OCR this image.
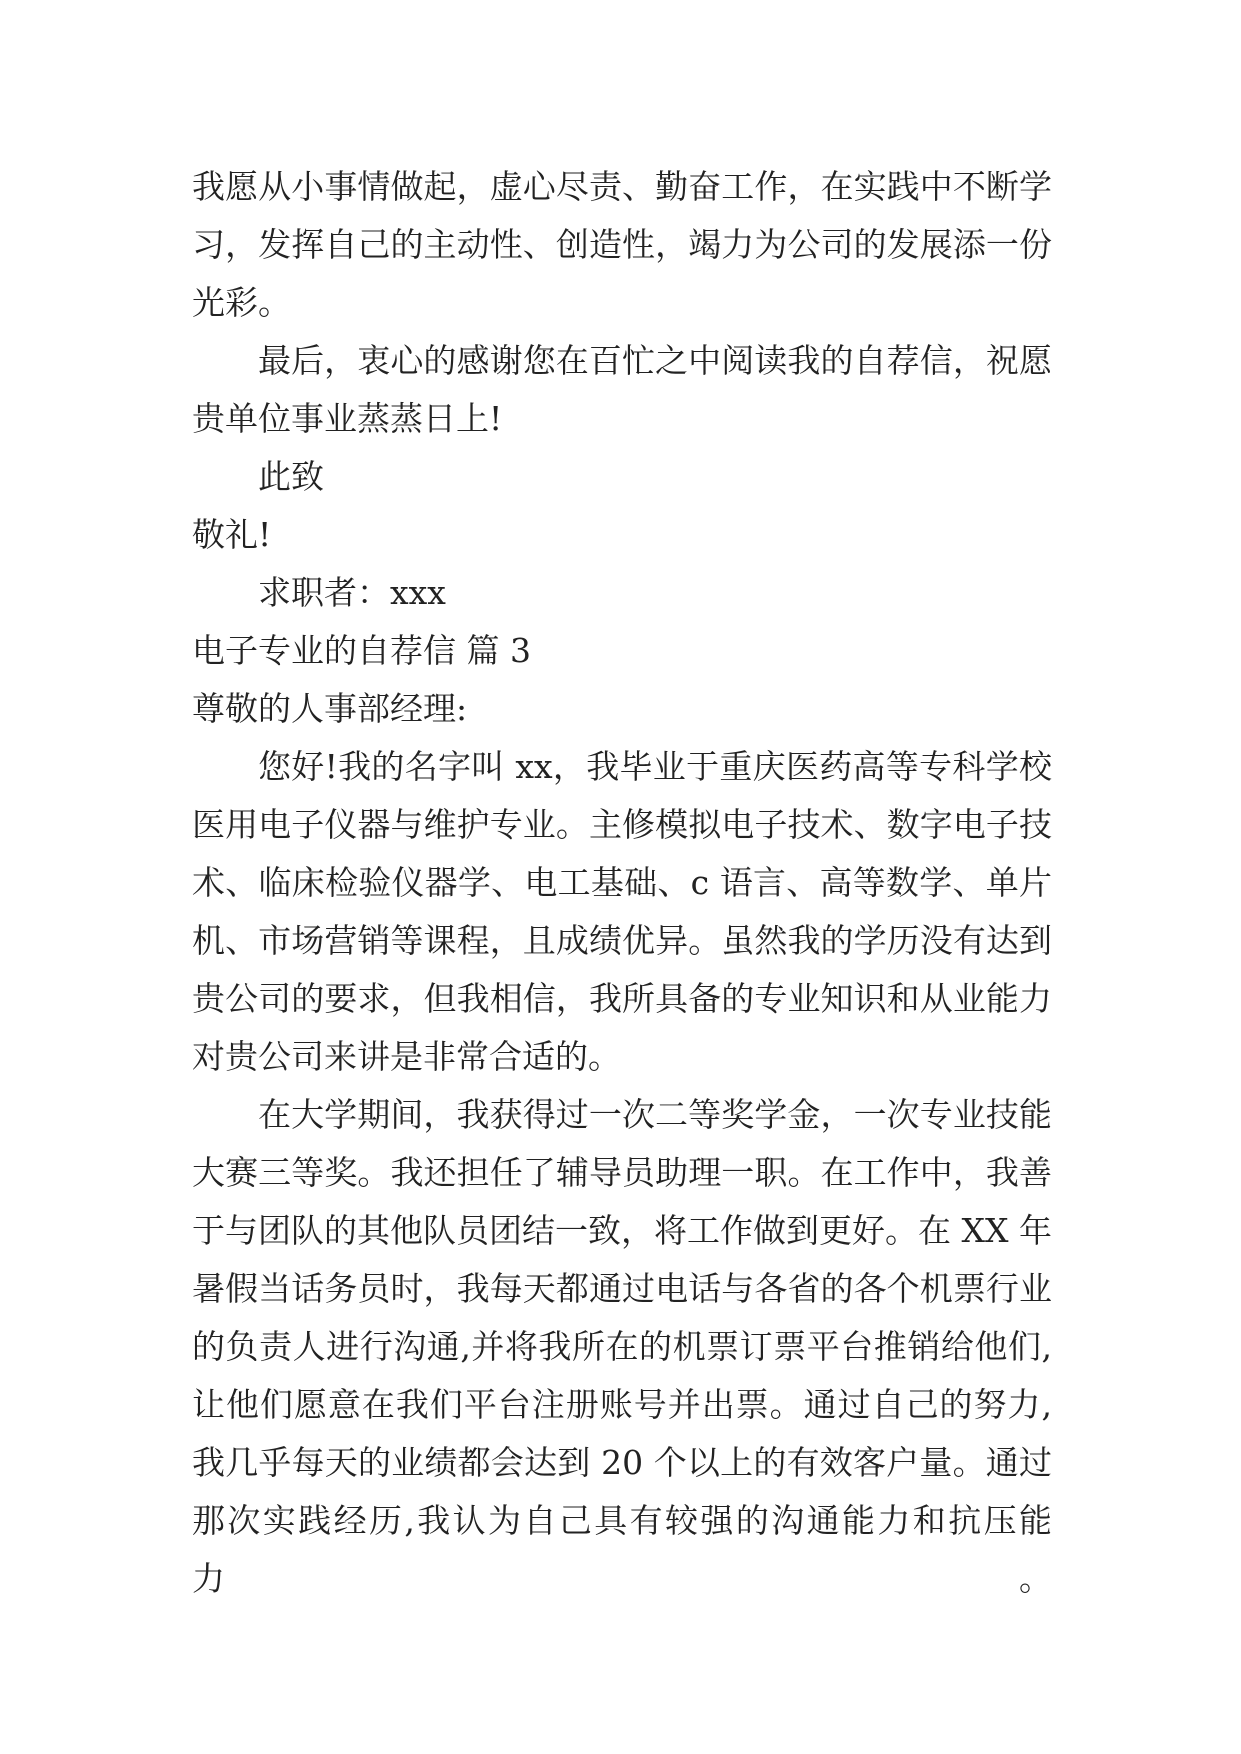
我愿从小事情做起，虚心尽责、勤奋工作，在实践中不断学
习，发挥自己的主动性、创造性，竭力为公司的发展添一份
光彩。
最后，衷心的感谢您在百忙之中阅读我的自荐信，祝愿
贵单位事业蒸蒸日上!
此致
敬礼!
求职者：xxx
电子专业的自荐信 篇 3
尊敬的人事部经理:
您好!我的名字叫 xx，我毕业于重庆医药高等专科学校
医用电子仪器与维护专业。主修模拟电子技术、数字电子技
术、临床检验仪器学、电工基础、c 语言、高等数学、单片
机、市场营销等课程，且成绩优异。虽然我的学历没有达到
贵公司的要求，但我相信，我所具备的专业知识和从业能力
对贵公司来讲是非常合适的。
在大学期间，我获得过一次二等奖学金，一次专业技能
大赛三等奖。我还担任了辅导员助理一职。在工作中，我善
于与团队的其他队员团结一致，将工作做到更好。在 XX 年
暑假当话务员时，我每天都通过电话与各省的各个机票行业
的负责人进行沟通,并将我所在的机票订票平台推销给他们,
让他们愿意在我们平台注册账号并出票。通过自己的努力,
我几乎每天的业绩都会达到 20 个以上的有效客户量。通过
那次实践经历,我认为自己具有较强的沟通能力和抗压能力。
